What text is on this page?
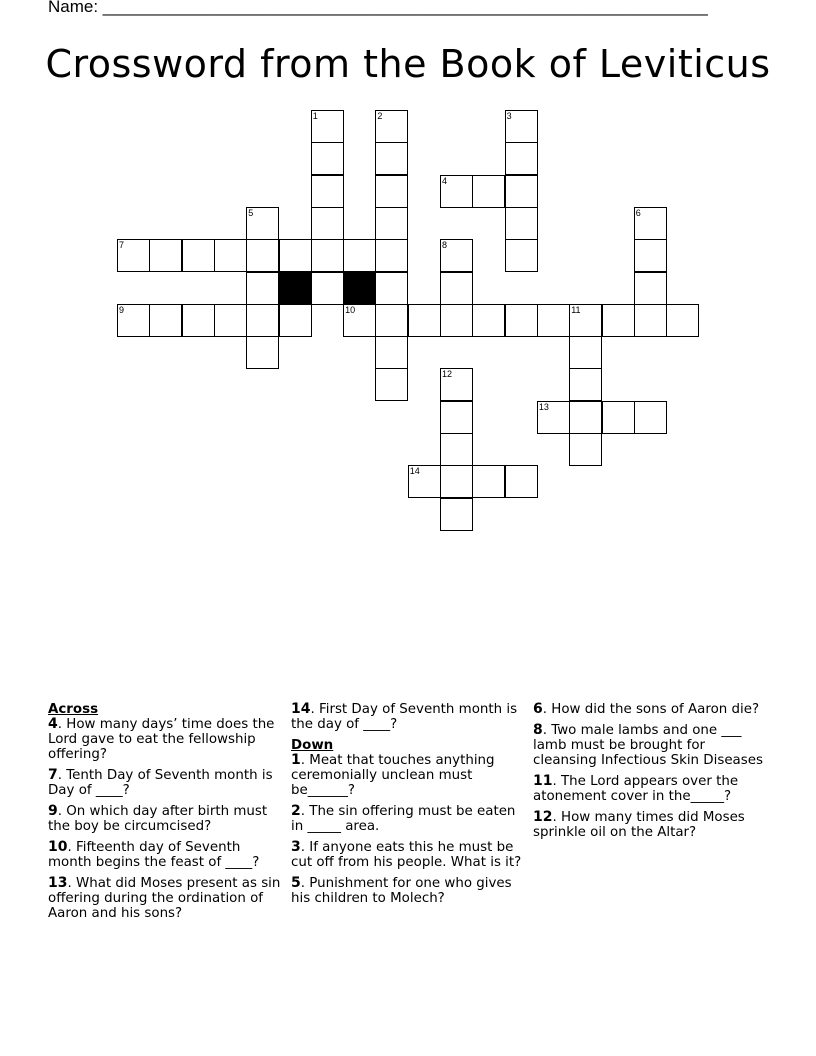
Name: ________________________________________________________________
Crossword from the Book of Leviticus
1	2	3
4
5	6
7	8
9	10	11
12
13
14
Across
4. How many days’ time does the Lord gave to eat the fellowship offering?
7. Tenth Day of Seventh month is Day of ____?
9. On which day after birth must the boy be circumcised?
10. Fifteenth day of Seventh month begins the feast of ____?
13. What did Moses present as sin offering during the ordination of Aaron and his sons?
14. First Day of Seventh month is the day of ____?
Down
1. Meat that touches anything ceremonially unclean must be______?
2. The sin offering must be eaten in _____ area.
3. If anyone eats this he must be cut off from his people. What is it?
5. Punishment for one who gives his children to Molech?
6. How did the sons of Aaron die?
8. Two male lambs and one ___ lamb must be brought for cleansing Infectious Skin Diseases
11. The Lord appears over the atonement cover in the_____?
12. How many times did Moses sprinkle oil on the Altar?
